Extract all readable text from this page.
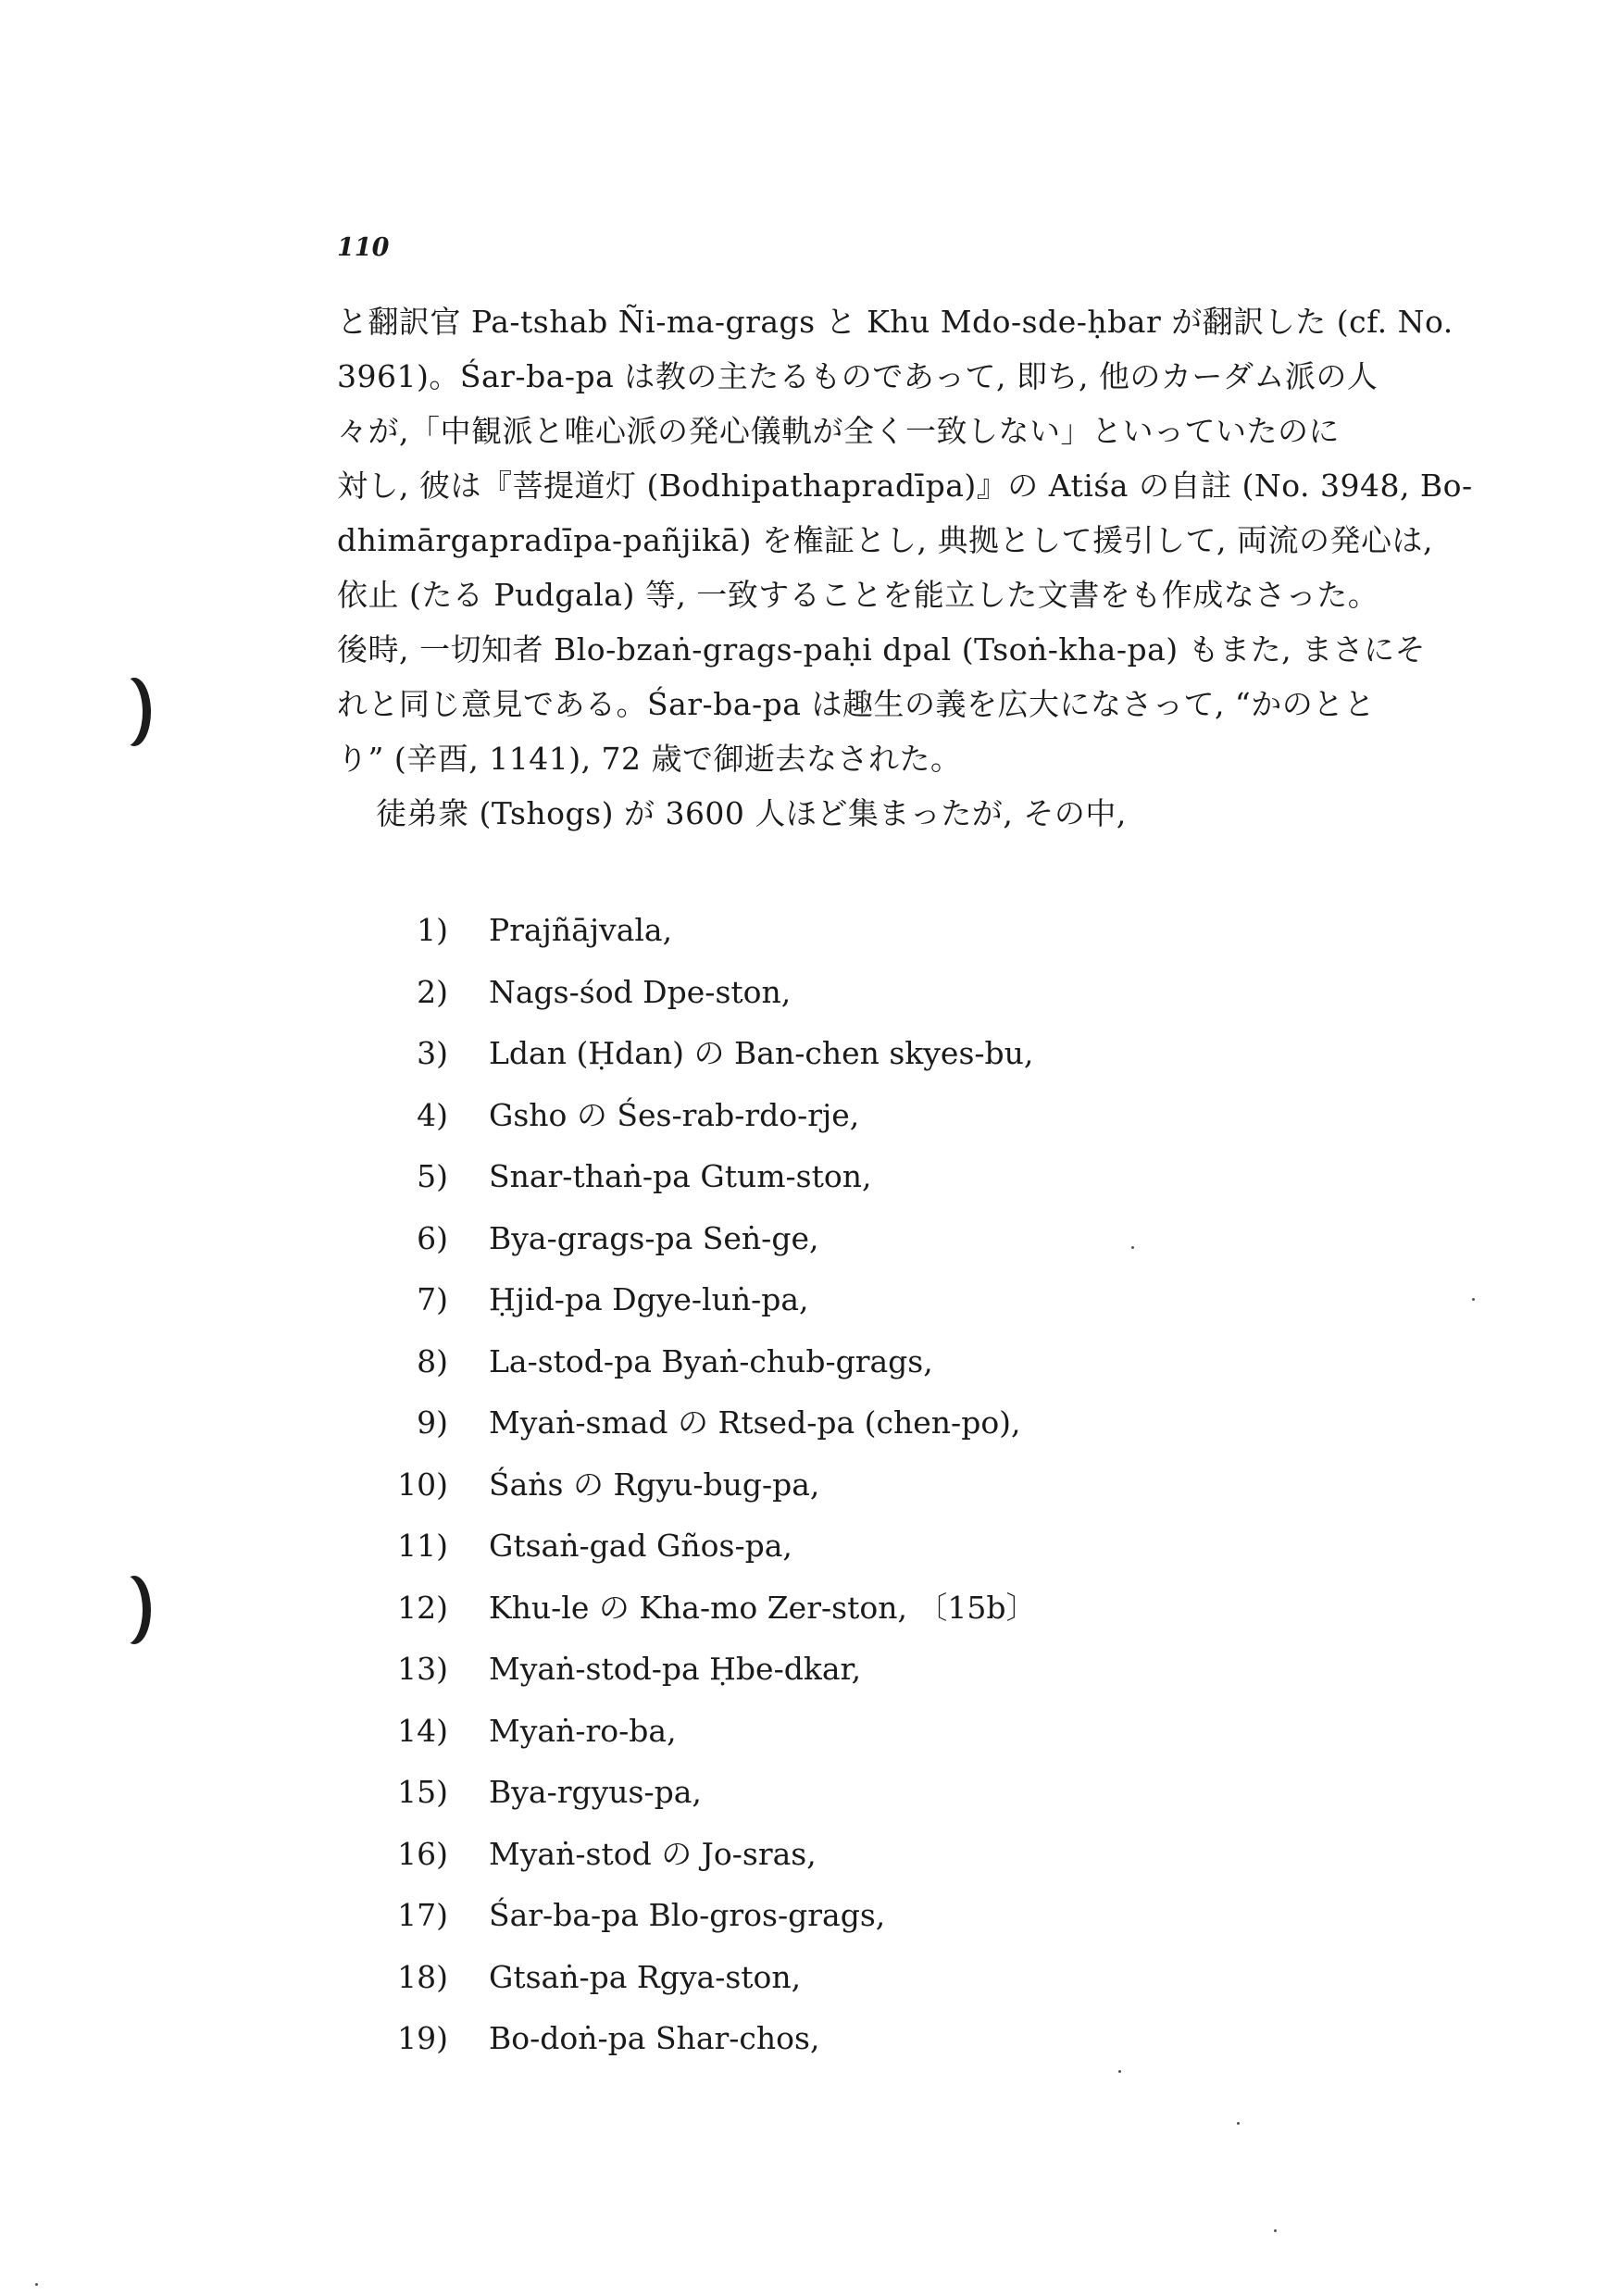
110

と翻訳官 Pa-tshab Ñi-ma-grags と Khu Mdo-sde-ḥbar が翻訳した (cf. No.
3961)。Śar-ba-pa は教の主たるものであって, 即ち, 他のカーダム派の人
々が,「中観派と唯心派の発心儀軌が全く一致しない」といっていたのに
対し, 彼は『菩提道灯 (Bodhipathapradīpa)』の Atiśa の自註 (No. 3948, Bo-
dhimārgapradīpa-pañjikā) を権証とし, 典拠として援引して, 両流の発心は,
依止 (たる Pudgala) 等, 一致することを能立した文書をも作成なさった。
後時, 一切知者 Blo-bzaṅ-grags-paḥi dpal (Tsoṅ-kha-pa) もまた, まさにそ
れと同じ意見である。Śar-ba-pa は趣生の義を広大になさって, “かのとと
り” (辛酉, 1141), 72 歳で御逝去なされた。
徒弟衆 (Tshogs) が 3600 人ほど集まったが, その中,

1) Prajñājvala,
2) Nags-śod Dpe-ston,
3) Ldan (Ḥdan) の Ban-chen skyes-bu,
4) Gsho の Śes-rab-rdo-rje,
5) Snar-thaṅ-pa Gtum-ston,
6) Bya-grags-pa Seṅ-ge,
7) Ḥjid-pa Dgye-luṅ-pa,
8) La-stod-pa Byaṅ-chub-grags,
9) Myaṅ-smad の Rtsed-pa (chen-po),
10) Śaṅs の Rgyu-bug-pa,
11) Gtsaṅ-gad Gños-pa,
12) Khu-le の Kha-mo Zer-ston, 〔15b〕
13) Myaṅ-stod-pa Ḥbe-dkar,
14) Myaṅ-ro-ba,
15) Bya-rgyus-pa,
16) Myaṅ-stod の Jo-sras,
17) Śar-ba-pa Blo-gros-grags,
18) Gtsaṅ-pa Rgya-ston,
19) Bo-doṅ-pa Shar-chos,
